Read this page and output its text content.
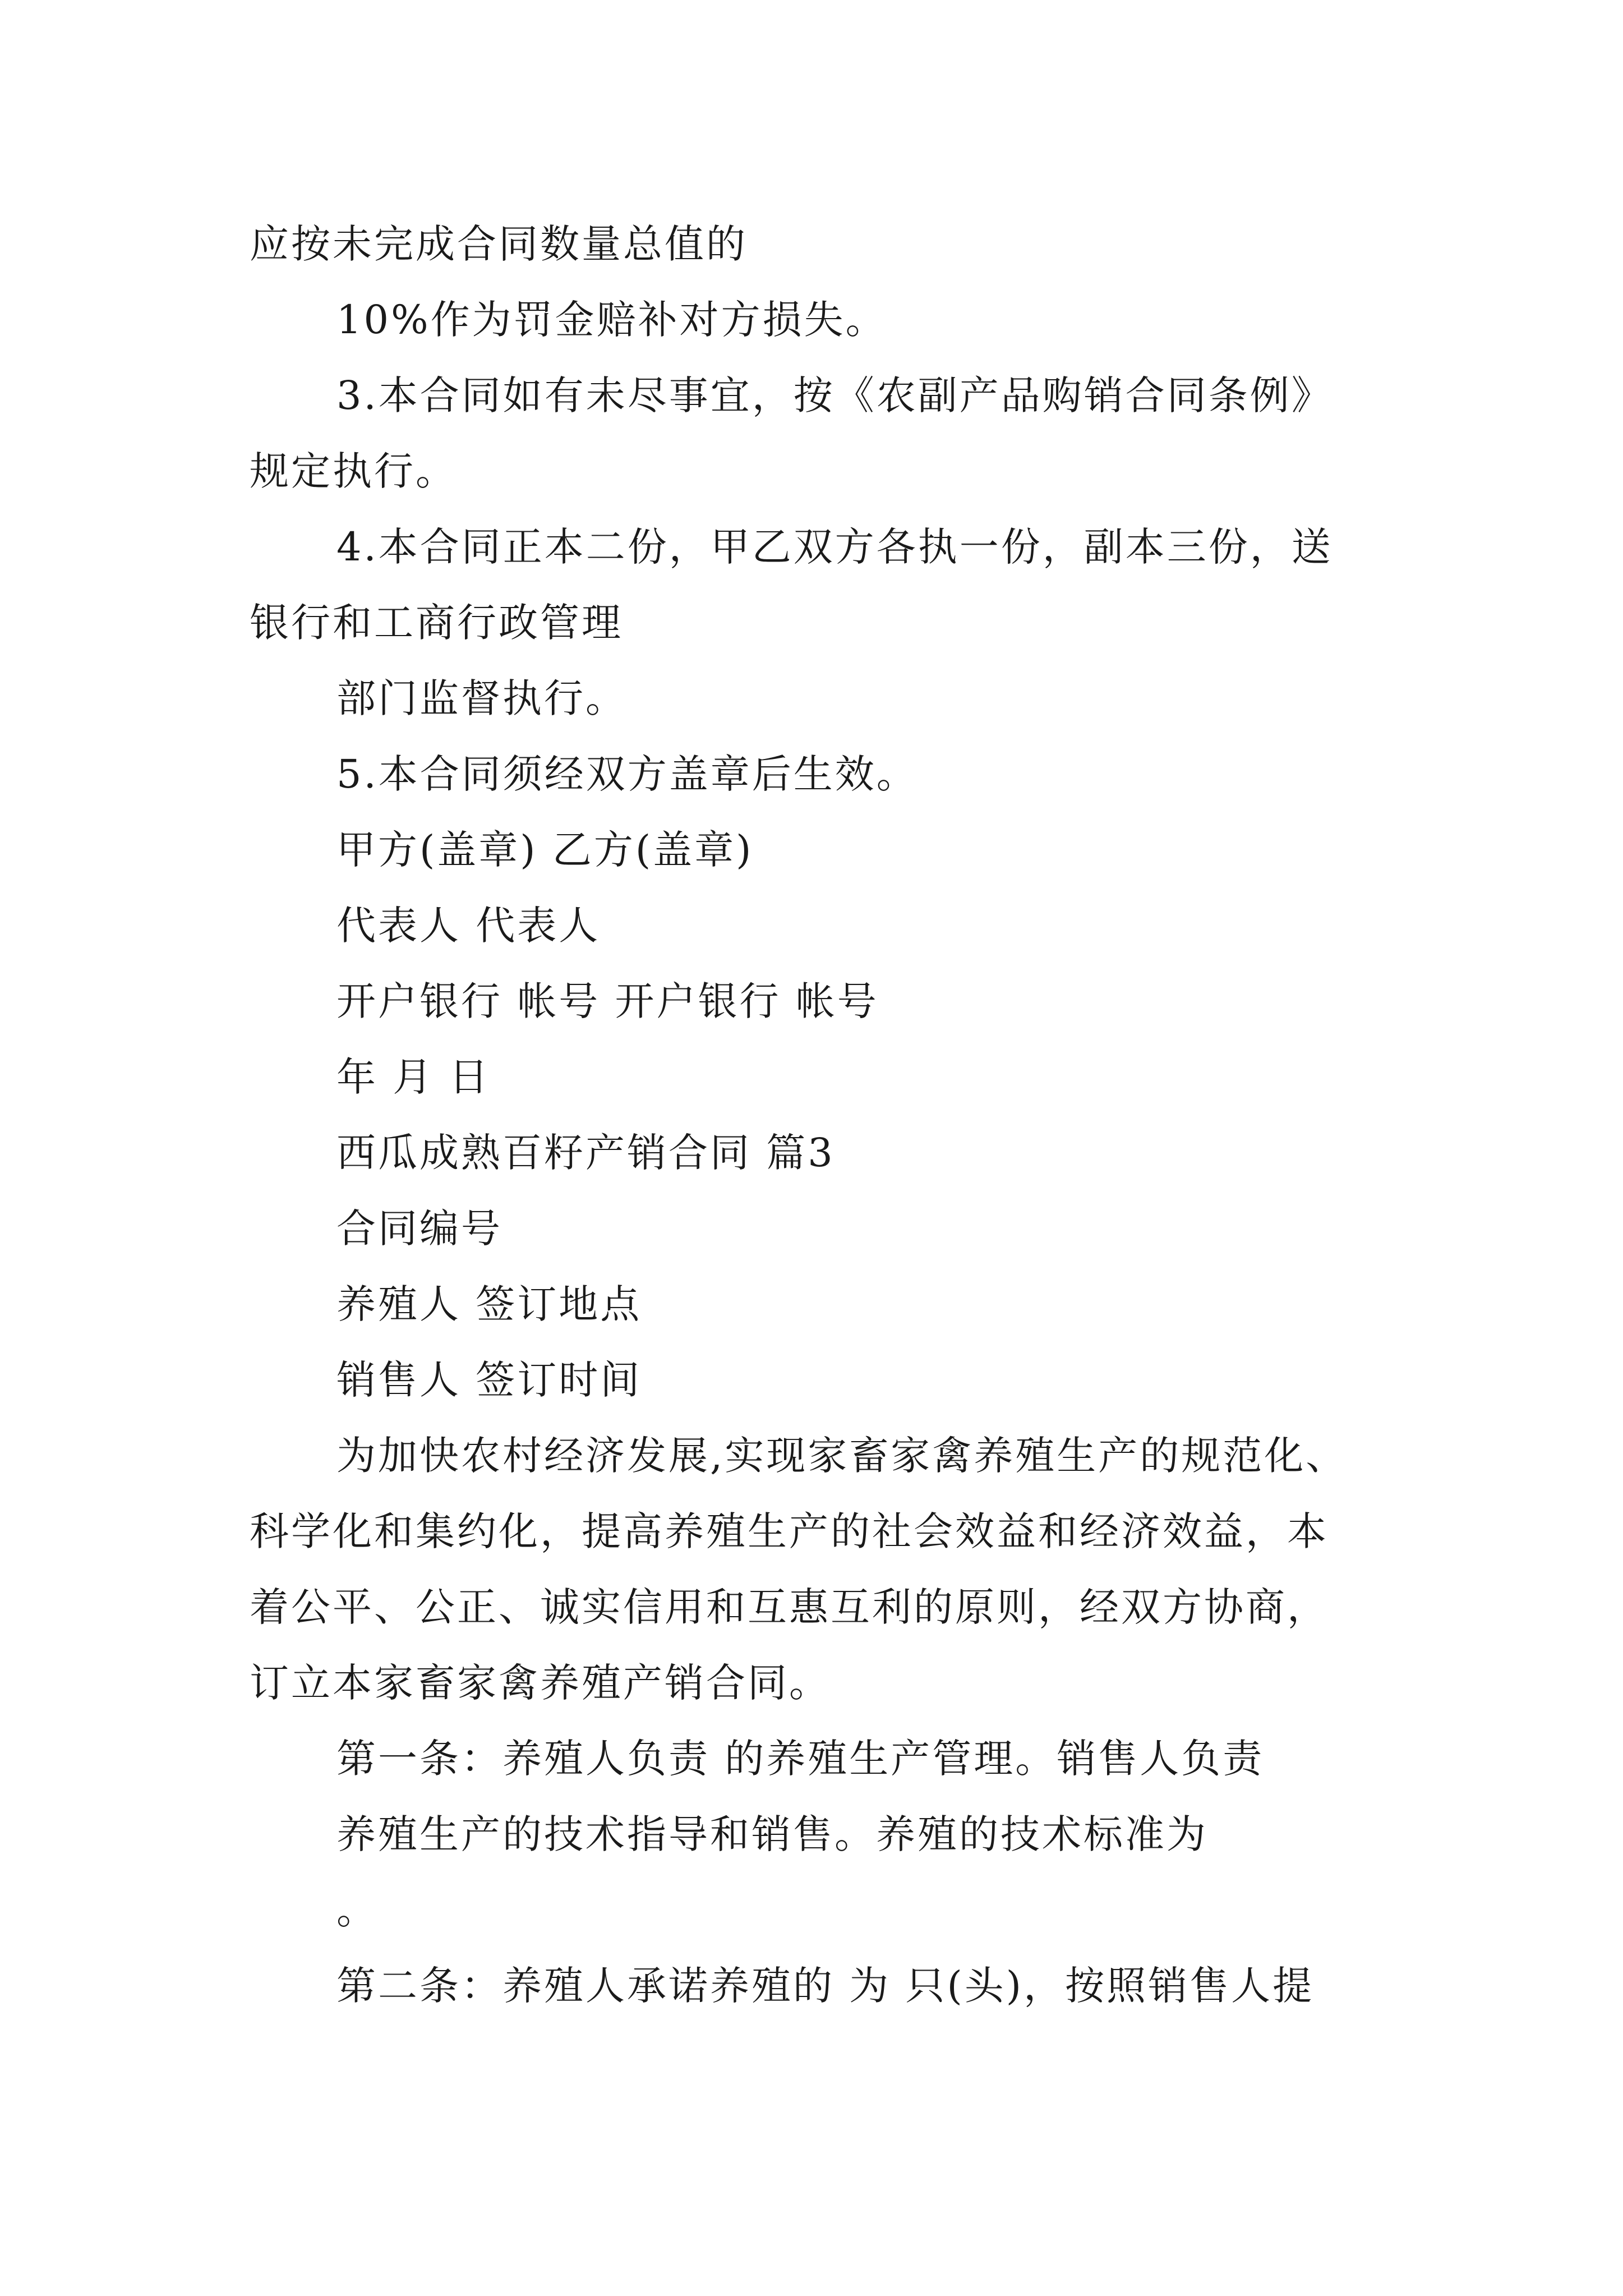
应按未完成合同数量总值的
10%作为罚金赔补对方损失。
3.本合同如有未尽事宜，按《农副产品购销合同条例》
规定执行。
4.本合同正本二份，甲乙双方各执一份，副本三份，送
银行和工商行政管理
部门监督执行。
5.本合同须经双方盖章后生效。
甲方(盖章) 乙方(盖章)
代表人 代表人
开户银行 帐号 开户银行 帐号
年 月 日
西瓜成熟百籽产销合同 篇3
合同编号
养殖人 签订地点
销售人 签订时间
为加快农村经济发展,实现家畜家禽养殖生产的规范化、
科学化和集约化，提高养殖生产的社会效益和经济效益，本
着公平、公正、诚实信用和互惠互利的原则，经双方协商，
订立本家畜家禽养殖产销合同。
第一条：养殖人负责 的养殖生产管理。销售人负责
养殖生产的技术指导和销售。养殖的技术标准为
。
第二条：养殖人承诺养殖的 为 只(头)，按照销售人提
